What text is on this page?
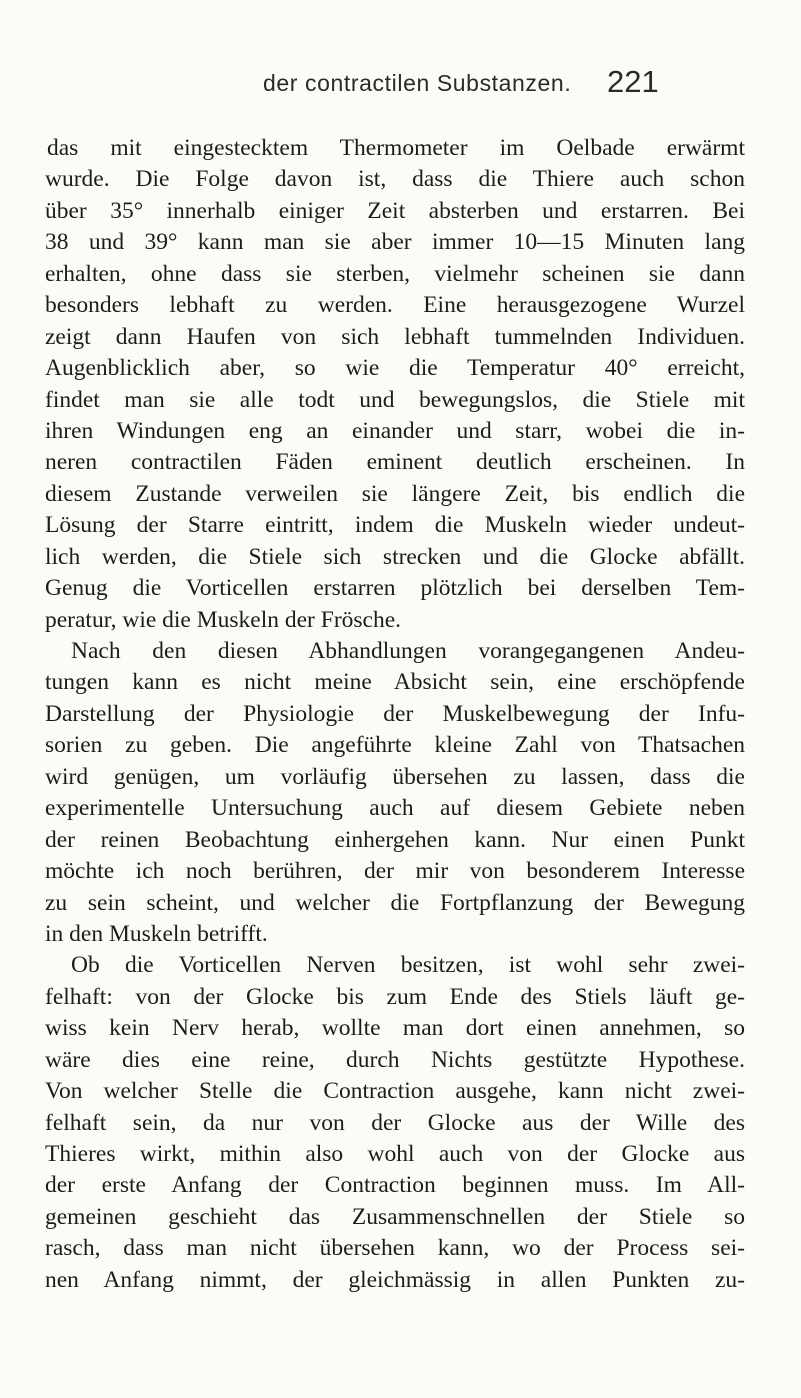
der contractilen Substanzen. 221
das mit eingestecktem Thermometer im Oelbade erwärmt
wurde. Die Folge davon ist, dass die Thiere auch schon
über 35° innerhalb einiger Zeit absterben und erstarren. Bei
38 und 39° kann man sie aber immer 10—15 Minuten lang
erhalten, ohne dass sie sterben, vielmehr scheinen sie dann
besonders lebhaft zu werden. Eine herausgezogene Wurzel
zeigt dann Haufen von sich lebhaft tummelnden Individuen.
Augenblicklich aber, so wie die Temperatur 40° erreicht,
findet man sie alle todt und bewegungslos, die Stiele mit
ihren Windungen eng an einander und starr, wobei die in-
neren contractilen Fäden eminent deutlich erscheinen. In
diesem Zustande verweilen sie längere Zeit, bis endlich die
Lösung der Starre eintritt, indem die Muskeln wieder undeut-
lich werden, die Stiele sich strecken und die Glocke abfällt.
Genug die Vorticellen erstarren plötzlich bei derselben Tem-
peratur, wie die Muskeln der Frösche.
Nach den diesen Abhandlungen vorangegangenen Andeu-
tungen kann es nicht meine Absicht sein, eine erschöpfende
Darstellung der Physiologie der Muskelbewegung der Infu-
sorien zu geben. Die angeführte kleine Zahl von Thatsachen
wird genügen, um vorläufig übersehen zu lassen, dass die
experimentelle Untersuchung auch auf diesem Gebiete neben
der reinen Beobachtung einhergehen kann. Nur einen Punkt
möchte ich noch berühren, der mir von besonderem Interesse
zu sein scheint, und welcher die Fortpflanzung der Bewegung
in den Muskeln betrifft.
Ob die Vorticellen Nerven besitzen, ist wohl sehr zwei-
felhaft: von der Glocke bis zum Ende des Stiels läuft ge-
wiss kein Nerv herab, wollte man dort einen annehmen, so
wäre dies eine reine, durch Nichts gestützte Hypothese.
Von welcher Stelle die Contraction ausgehe, kann nicht zwei-
felhaft sein, da nur von der Glocke aus der Wille des
Thieres wirkt, mithin also wohl auch von der Glocke aus
der erste Anfang der Contraction beginnen muss. Im All-
gemeinen geschieht das Zusammenschnellen der Stiele so
rasch, dass man nicht übersehen kann, wo der Process sei-
nen Anfang nimmt, der gleichmässig in allen Punkten zu-
